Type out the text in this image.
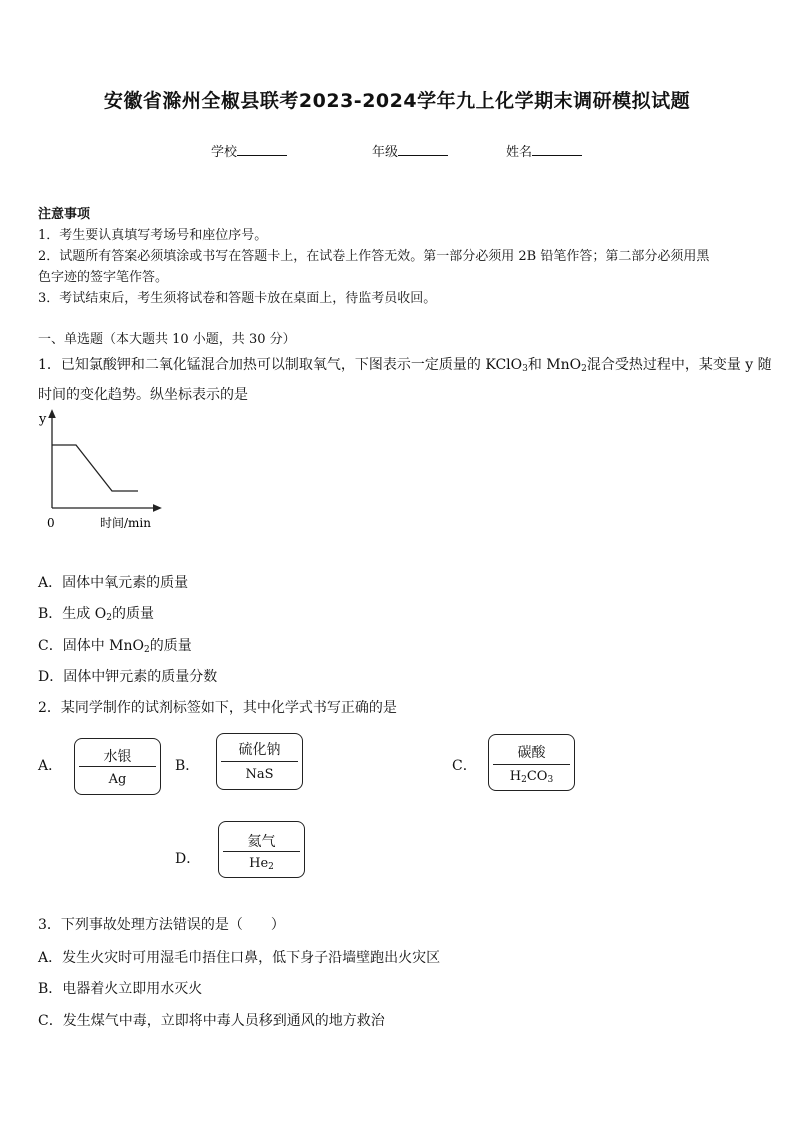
安徽省滁州全椒县联考2023-2024学年九上化学期末调研模拟试题
学校	年级	姓名
注意事项
1．考生要认真填写考场号和座位序号。
2．试题所有答案必须填涂或书写在答题卡上，在试卷上作答无效。第一部分必须用 2B 铅笔作答；第二部分必须用黑
色字迹的签字笔作答。
3．考试结束后，考生须将试卷和答题卡放在桌面上，待监考员收回。
一、单选题（本大题共 10 小题，共 30 分）
1．已知氯酸钾和二氧化锰混合加热可以制取氧气，下图表示一定质量的 KClO$_3$和 MnO$_2$混合受热过程中，某变量 y 随
时间的变化趋势。纵坐标表示的是
y
0	时间/min
A．固体中氧元素的质量
B．生成 $O_2$的质量
C．固体中 MnO$_2$的质量
D．固体中钾元素的质量分数
2．某同学制作的试剂标签如下，其中化学式书写正确的是
A．
水银
Ag
B．
硫化钠
NaS
C．
碳酸
$H_2CO_3$
D．
氦气
$He_2$
3．下列事故处理方法错误的是（　　）
A．发生火灾时可用湿毛巾捂住口鼻，低下身子沿墙壁跑出火灾区
B．电器着火立即用水灭火
C．发生煤气中毒，立即将中毒人员移到通风的地方救治
